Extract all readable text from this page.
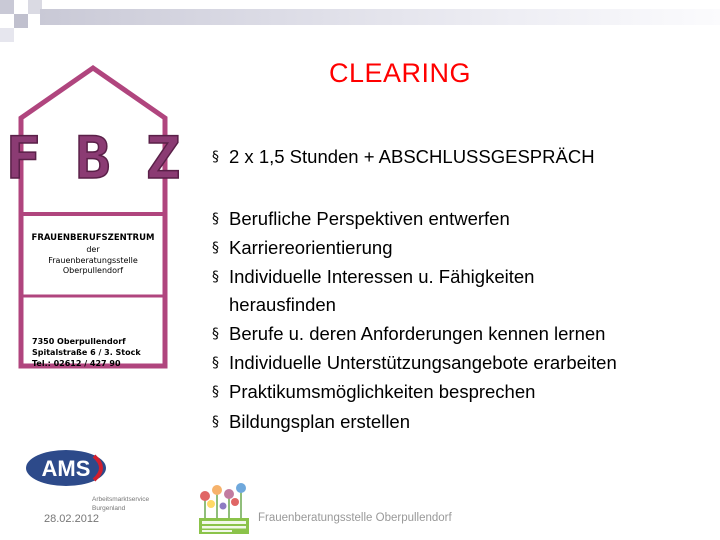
CLEARING
F B Z
FRAUENBERUFSZENTRUM
der
Frauenberatungsstelle
Oberpullendorf
7350 Oberpullendorf
Spitalstraße 6 / 3. Stock
Tel.: 02612 / 427 90
AMS
Arbeitsmarktservice
Burgenland
28.02.2012
§ 2 x 1,5 Stunden + ABSCHLUSSGESPRÄCH
§ Berufliche Perspektiven entwerfen
§ Karriereorientierung
§ Individuelle Interessen u. Fähigkeiten
herausfinden
§ Berufe u. deren Anforderungen kennen lernen
§ Individuelle Unterstützungsangebote erarbeiten
§ Praktikumsmöglichkeiten besprechen
§ Bildungsplan erstellen
Frauenberatungsstelle Oberpullendorf
